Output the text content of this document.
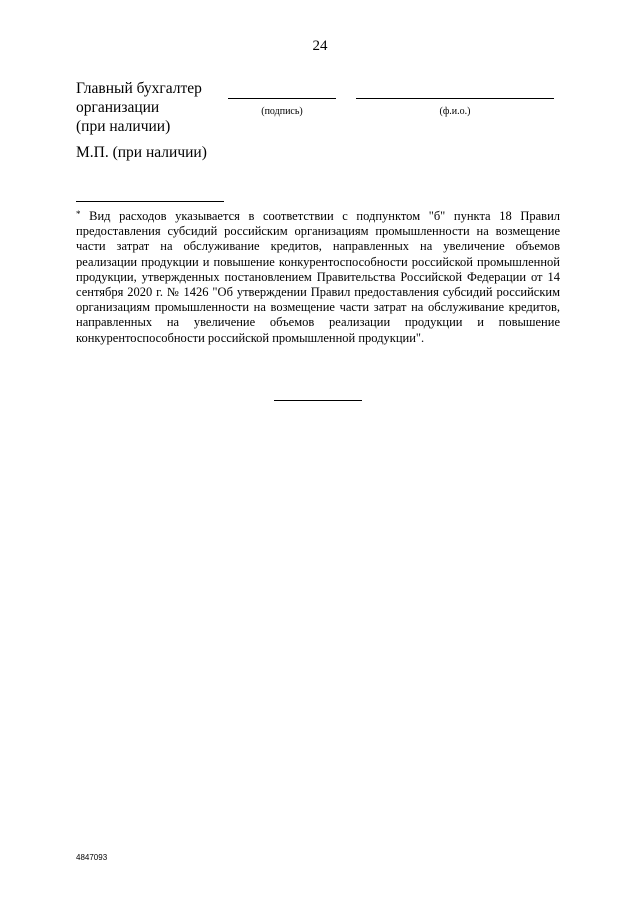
24
Главный бухгалтер
организации
(при наличии)
(подпись)	(ф.и.о.)
М.П. (при наличии)
* Вид расходов указывается в соответствии с подпунктом "б" пункта 18 Правил предоставления субсидий российским организациям промышленности на возмещение части затрат на обслуживание кредитов, направленных на увеличение объемов реализации продукции и повышение конкурентоспособности российской промышленной продукции, утвержденных постановлением Правительства Российской Федерации от 14 сентября 2020 г. № 1426 "Об утверждении Правил предоставления субсидий российским организациям промышленности на возмещение части затрат на обслуживание кредитов, направленных на увеличение объемов реализации продукции и повышение конкурентоспособности российской промышленной продукции".
4847093
